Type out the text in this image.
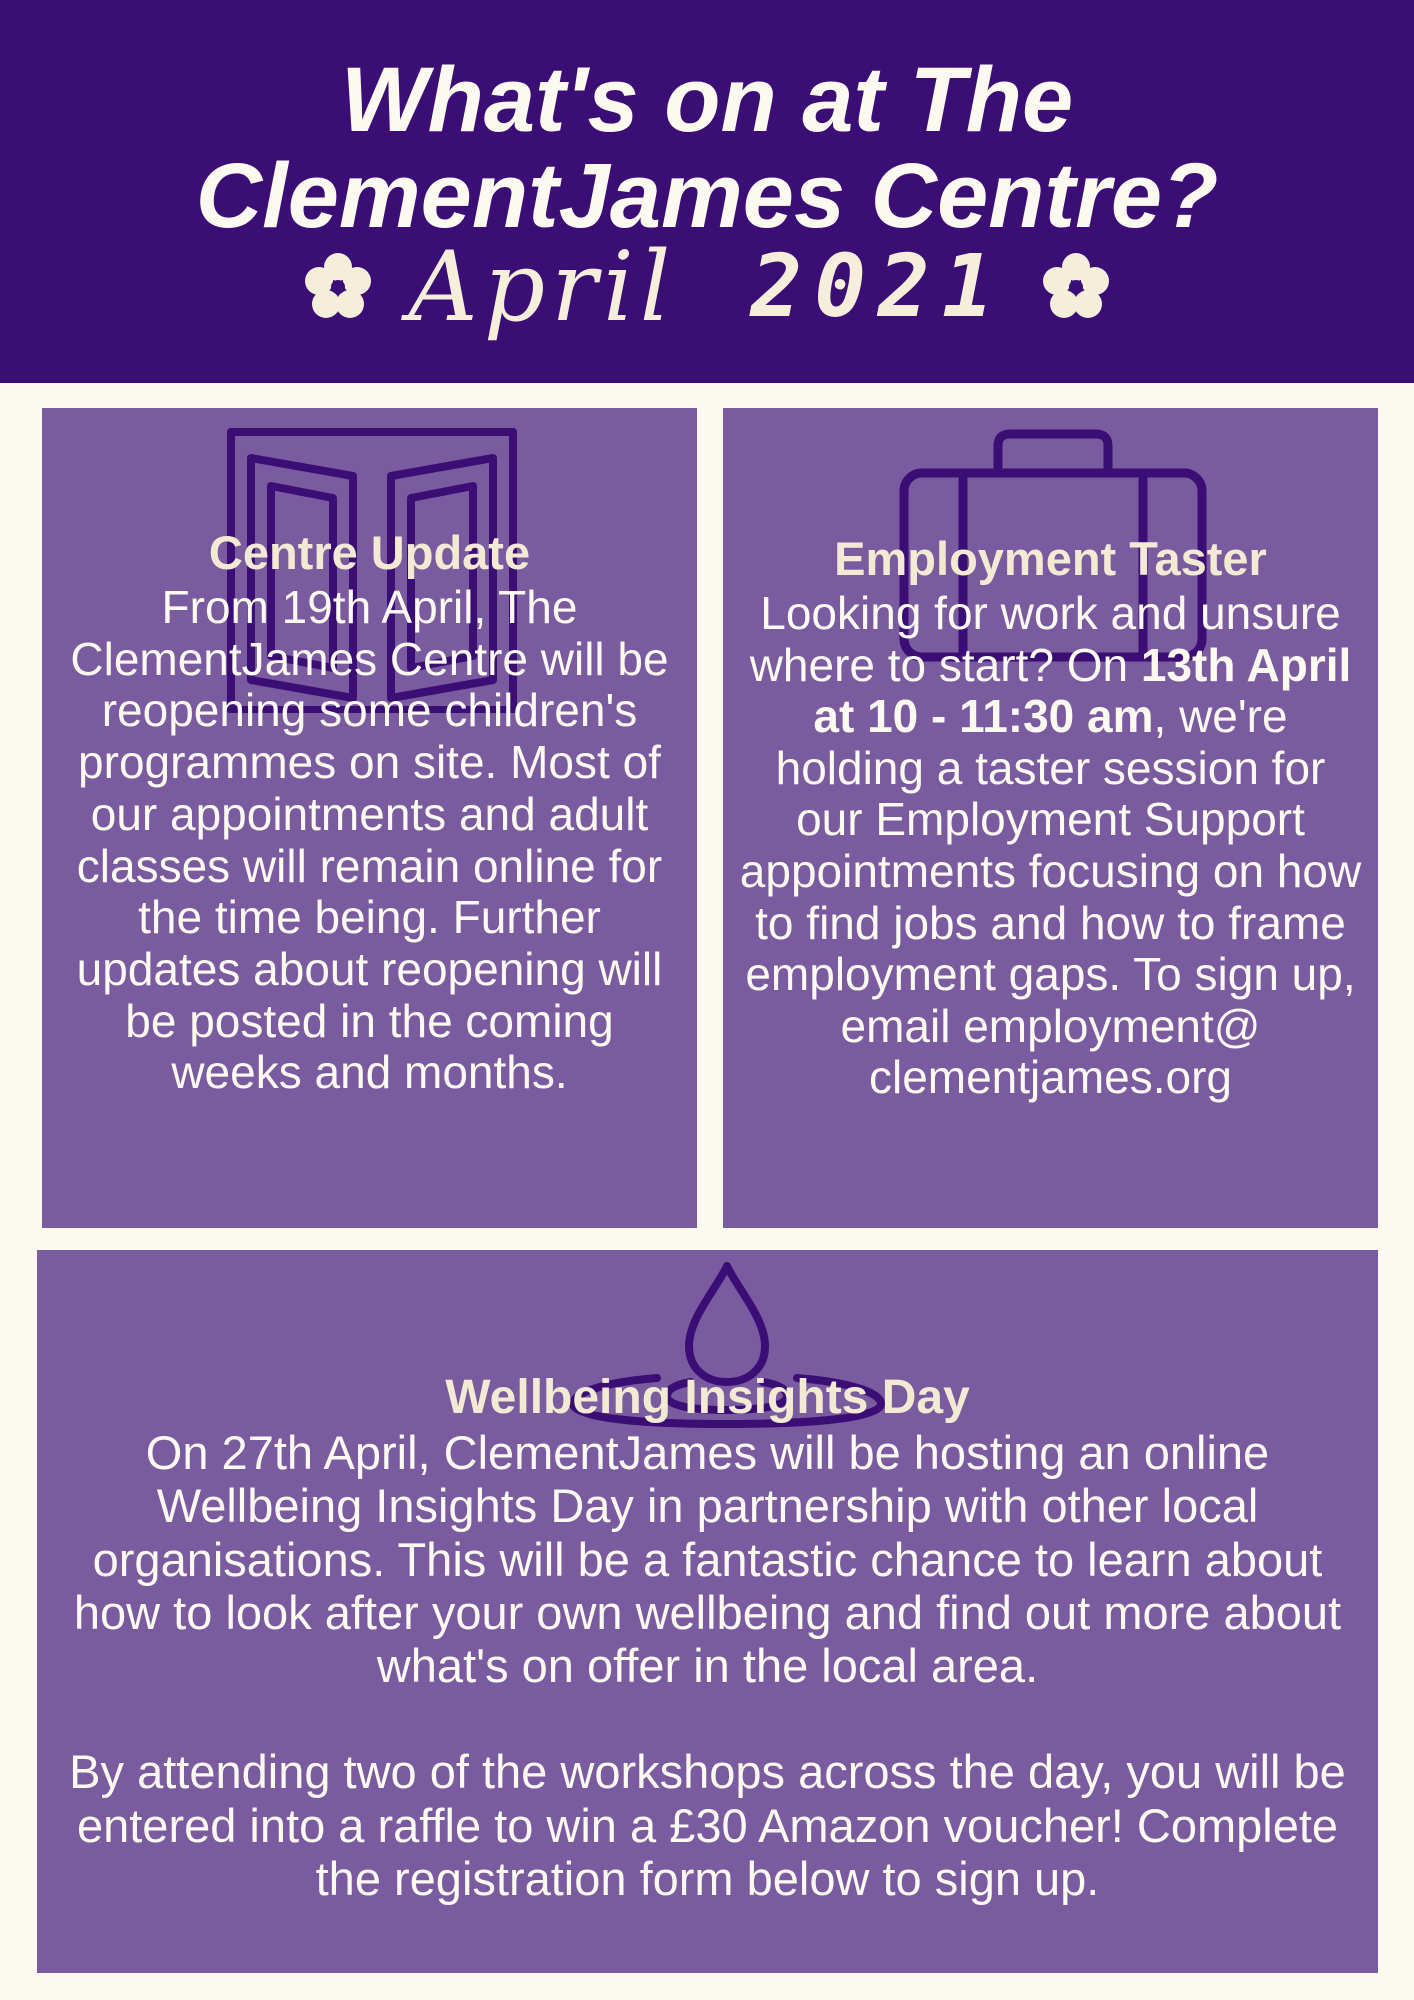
What's on at The
ClementJames Centre?
April 2021
Centre Update
From 19th April, The ClementJames Centre will be reopening some children's programmes on site. Most of our appointments and adult classes will remain online for the time being. Further updates about reopening will be posted in the coming weeks and months.
Employment Taster
Looking for work and unsure where to start? On 13th April at 10 - 11:30 am, we're holding a taster session for our Employment Support appointments focusing on how to find jobs and how to frame employment gaps. To sign up, email employment@ clementjames.org
Wellbeing Insights Day
On 27th April, ClementJames will be hosting an online Wellbeing Insights Day in partnership with other local organisations. This will be a fantastic chance to learn about how to look after your own wellbeing and find out more about what's on offer in the local area.
By attending two of the workshops across the day, you will be entered into a raffle to win a £30 Amazon voucher! Complete the registration form below to sign up.
